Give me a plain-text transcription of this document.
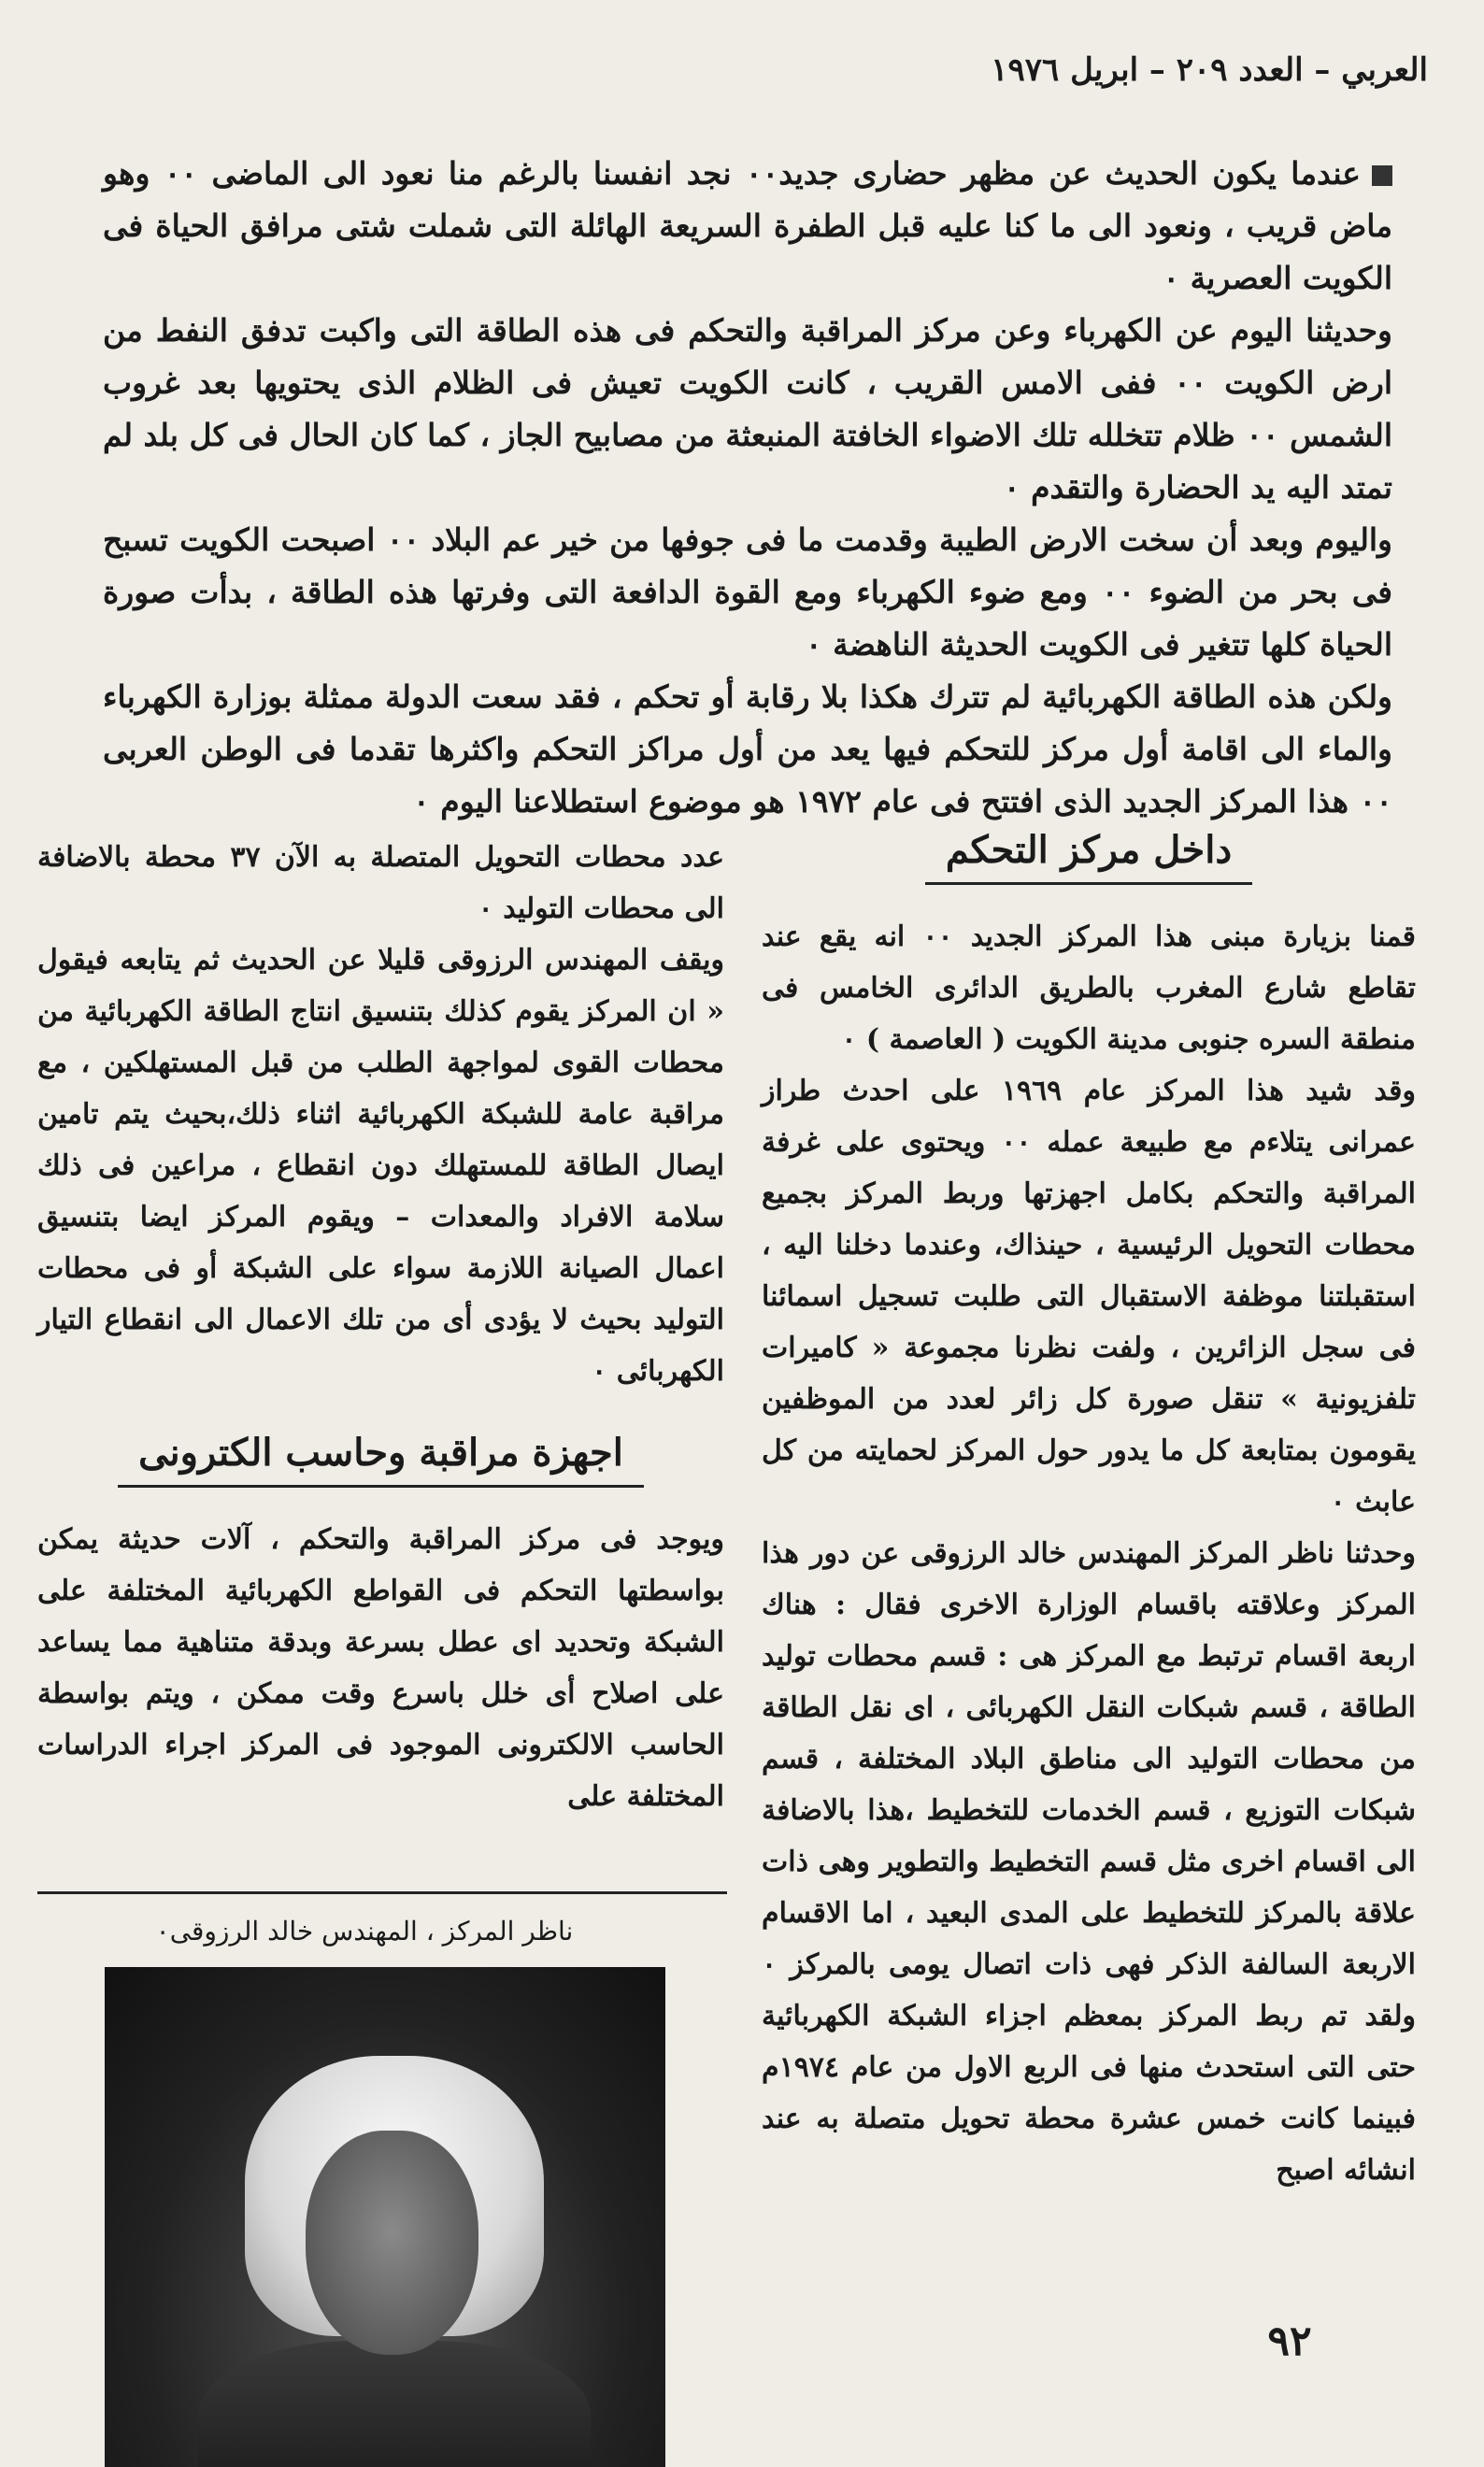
العربي – العدد ٢٠٩ – ابريل ١٩٧٦

عندما يكون الحديث عن مظهر حضارى جديد٠٠ نجد انفسنا بالرغم منا نعود الى الماضى ٠٠ وهو ماض قريب ، ونعود الى ما كنا عليه قبل الطفرة السريعة الهائلة التى شملت شتى مرافق الحياة فى الكويت العصرية ٠

وحديثنا اليوم عن الكهرباء وعن مركز المراقبة والتحكم فى هذه الطاقة التى واكبت تدفق النفط من ارض الكويت ٠٠ ففى الامس القريب ، كانت الكويت تعيش فى الظلام الذى يحتويها بعد غروب الشمس ٠٠ ظلام تتخلله تلك الاضواء الخافتة المنبعثة من مصابيح الجاز ، كما كان الحال فى كل بلد لم تمتد اليه يد الحضارة والتقدم ٠

واليوم وبعد أن سخت الارض الطيبة وقدمت ما فى جوفها من خير عم البلاد ٠٠ اصبحت الكويت تسبح فى بحر من الضوء ٠٠ ومع ضوء الكهرباء ومع القوة الدافعة التى وفرتها هذه الطاقة ، بدأت صورة الحياة كلها تتغير فى الكويت الحديثة الناهضة ٠

ولكن هذه الطاقة الكهربائية لم تترك هكذا بلا رقابة أو تحكم ، فقد سعت الدولة ممثلة بوزارة الكهرباء والماء الى اقامة أول مركز للتحكم فيها يعد من أول مراكز التحكم واكثرها تقدما فى الوطن العربى ٠٠ هذا المركز الجديد الذى افتتح فى عام ١٩٧٢ هو موضوع استطلاعنا اليوم ٠

داخل مركز التحكم

قمنا بزيارة مبنى هذا المركز الجديد ٠٠ انه يقع عند تقاطع شارع المغرب بالطريق الدائرى الخامس فى منطقة السره جنوبى مدينة الكويت ( العاصمة ) ٠

وقد شيد هذا المركز عام ١٩٦٩ على احدث طراز عمرانى يتلاءم مع طبيعة عمله ٠٠ ويحتوى على غرفة المراقبة والتحكم بكامل اجهزتها وربط المركز بجميع محطات التحويل الرئيسية ، حينذاك، وعندما دخلنا اليه ، استقبلتنا موظفة الاستقبال التى طلبت تسجيل اسمائنا فى سجل الزائرين ، ولفت نظرنا مجموعة « كاميرات تلفزيونية » تنقل صورة كل زائر لعدد من الموظفين يقومون بمتابعة كل ما يدور حول المركز لحمايته من كل عابث ٠

وحدثنا ناظر المركز المهندس خالد الرزوقى عن دور هذا المركز وعلاقته باقسام الوزارة الاخرى فقال : هناك اربعة اقسام ترتبط مع المركز هى : قسم محطات توليد الطاقة ، قسم شبكات النقل الكهربائى ، اى نقل الطاقة من محطات التوليد الى مناطق البلاد المختلفة ، قسم شبكات التوزيع ، قسم الخدمات للتخطيط ،هذا بالاضافة الى اقسام اخرى مثل قسم التخطيط والتطوير وهى ذات علاقة بالمركز للتخطيط على المدى البعيد ، اما الاقسام الاربعة السالفة الذكر فهى ذات اتصال يومى بالمركز ٠ ولقد تم ربط المركز بمعظم اجزاء الشبكة الكهربائية حتى التى استحدث منها فى الربع الاول من عام ١٩٧٤م فبينما كانت خمس عشرة محطة تحويل متصلة به عند انشائه اصبح

عدد محطات التحويل المتصلة به الآن ٣٧ محطة بالاضافة الى محطات التوليد ٠

ويقف المهندس الرزوقى قليلا عن الحديث ثم يتابعه فيقول « ان المركز يقوم كذلك بتنسيق انتاج الطاقة الكهربائية من محطات القوى لمواجهة الطلب من قبل المستهلكين ، مع مراقبة عامة للشبكة الكهربائية اثناء ذلك،بحيث يتم تامين ايصال الطاقة للمستهلك دون انقطاع ، مراعين فى ذلك سلامة الافراد والمعدات – ويقوم المركز ايضا بتنسيق اعمال الصيانة اللازمة سواء على الشبكة أو فى محطات التوليد بحيث لا يؤدى أى من تلك الاعمال الى انقطاع التيار الكهربائى ٠

اجهزة مراقبة وحاسب الكترونى

ويوجد فى مركز المراقبة والتحكم ، آلات حديثة يمكن بواسطتها التحكم فى القواطع الكهربائية المختلفة على الشبكة وتحديد اى عطل بسرعة وبدقة متناهية مما يساعد على اصلاح أى خلل باسرع وقت ممكن ، ويتم بواسطة الحاسب الالكترونى الموجود فى المركز اجراء الدراسات المختلفة على

ناظر المركز ، المهندس خالد الرزوقى٠
٩٢
